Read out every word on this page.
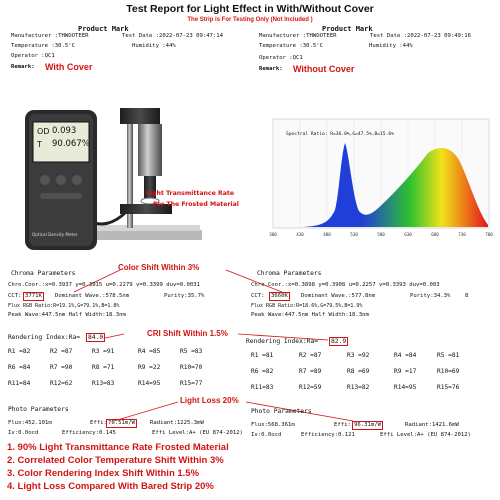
Test Report for Light Effect in With/Without Cover
The Strip is For Testing Only (Not Included )
Product Mark
Manufacturer :THWOOTEER	Test Date :2022-07-23 09:47:14
Temperature :30.5'C	Humidity :44%
Operator :QC1
Remark: With Cover
Product Mark
Manufacturer :THWOOTEER	Test Date :2022-07-23 09:49:16
Temperature :30.5'C	Humidity :44%
Operator :QC1
Remark: Without Cover
OD 0.093
T 90.067%
Optical Density Meter
Light Transmittance Rate
For The Frosted Material
380	430	480	530	580	630	680	730	780
Spectral Ratio: R=36.8%,G=47.5%,B=15.6%
Color Shift Within 3%
Chroma Parameters
Chro.Coor.:x=0.3937 y=0.3915 u=0.2279 v=0.3399 duv=0.0031
CCT: 3771K	Dominant Wave.:578.5nm	Purity:35.7%
Flux RGB Ratio:R=19.1%,G=79.1%,B=1.8%
Peak Wave:447.5nm Half Width:18.3nm
Chroma Parameters
Chro.Coor.:x=0.3898 y=0.3908 u=0.2257 v=0.3393 duv=0.003
CCT:	3660K	Dominant Wave.:577.8nm	Purity:34.3%	8
Flux RGB Ratio:R=18.6%,G=79.5%,B=1.9%
Peak Wave:447.5nm Half Width:18.3nm
CRI Shift Within 1.5%
Rendering Index:Ra=	84.0
R1 =82	R2 =87	R3 =91	R4 =85	R5 =83
R6 =84	R7 =90	R8 =71	R9 =22	R10=70
R11=84	R12=62	R13=83	R14=95	R15=77
Rendering Index:Ra=	82.9
R1 =81	R2 =87	R3 =92	R4 =84	R5 =81
R6 =82	R7 =89	R8 =69	R9 =17	R10=69
R11=83	R12=59	R13=82	R14=95	R15=76
Light Loss 20%
Photo Parameters
Flux:452.101m	Effi: 76.51m/W	Radiant:1225.3mW
Iv:0.0ocd	Efficiency:0.145	Effi Level:A+ (EU 874-2012)
Photo Parameters
Flux:568.361m	Effi: 96.31m/W	Radiant:1421.6mW
Iv:0.0ocd	Efficiency:0.121	Effi Level:A+ (EU 874-2012)
1. 90% Light Transmittance Rate Frosted Material
2. Correlated Color Temperature Shift Within 3%
3. Color Rendering Index Shift Within 1.5%
4. Light Loss Compared With Bared Strip 20%
